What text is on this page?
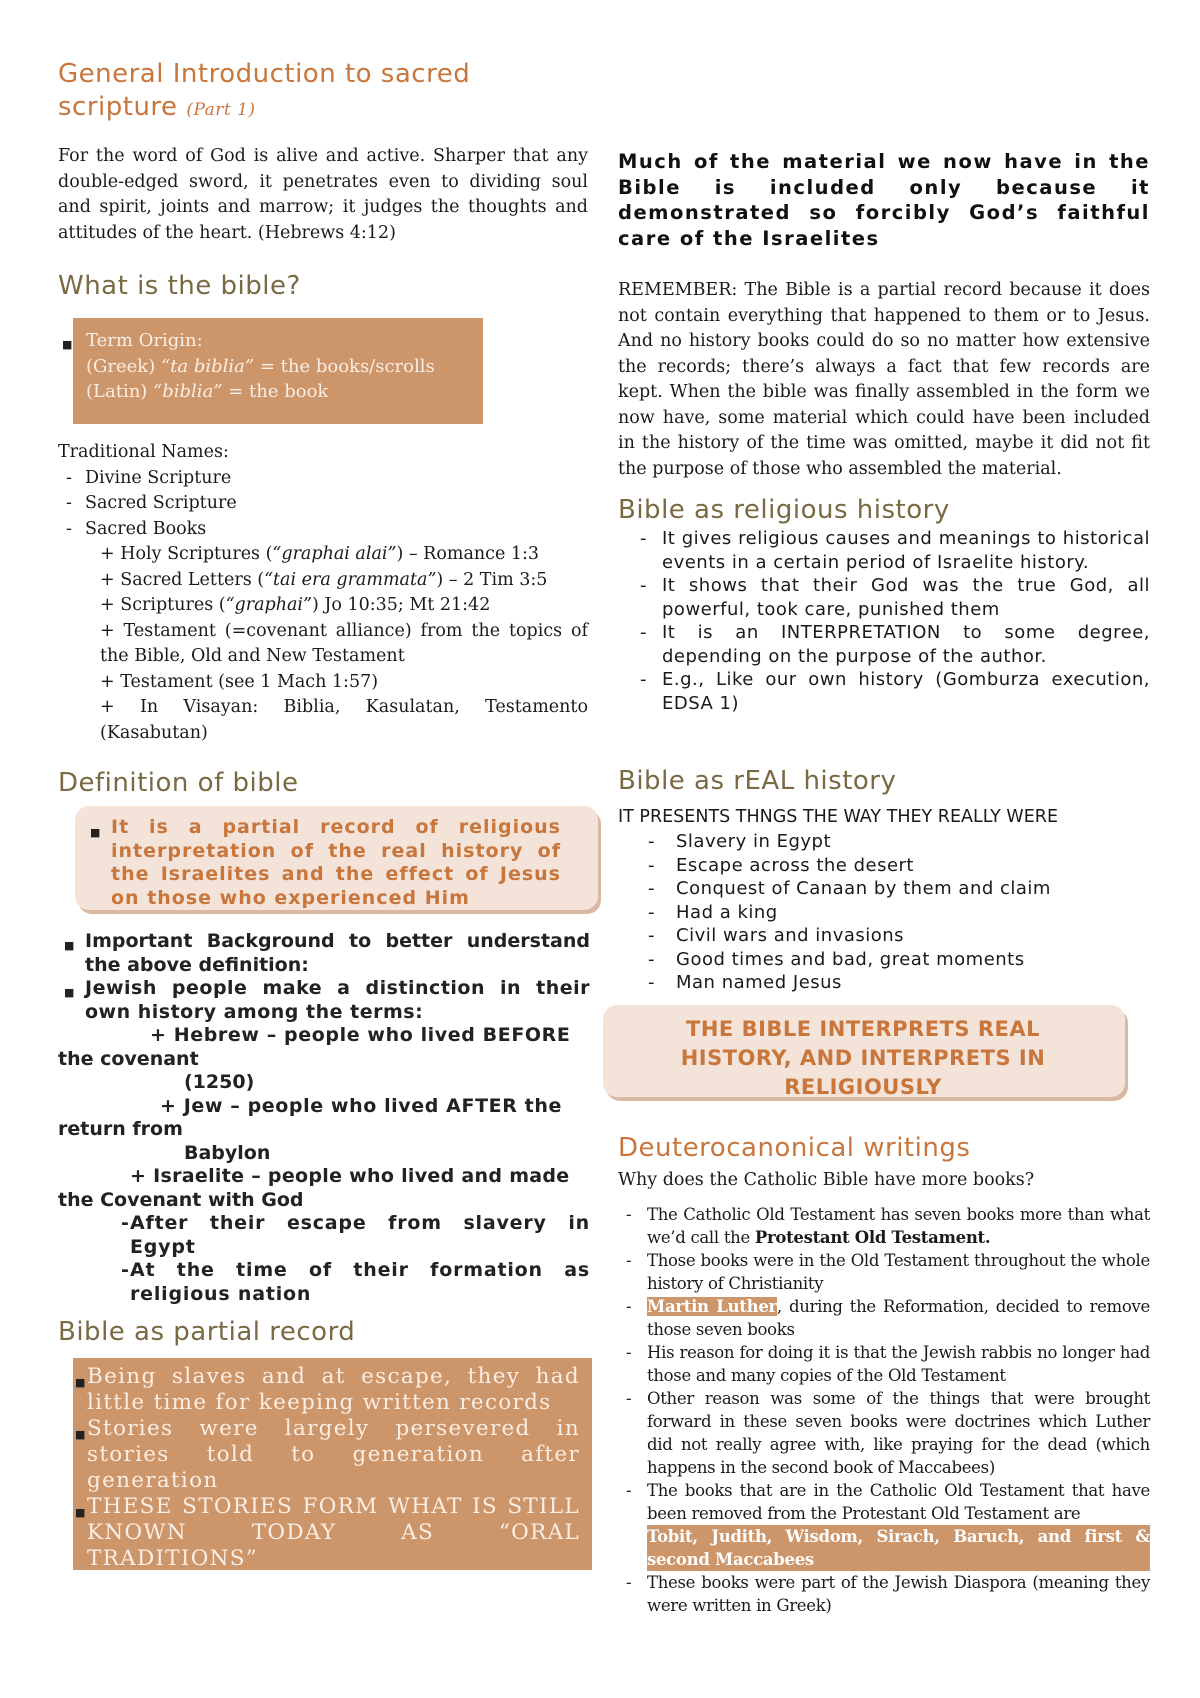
General Introduction to sacred
scripture (Part 1)
For the word of God is alive and active. Sharper that any double-edged sword, it penetrates even to dividing soul and spirit, joints and marrow; it judges the thoughts and attitudes of the heart. (Hebrews 4:12)
What is the bible?
■ Term Origin:
(Greek) “ta biblia” = the books/scrolls
(Latin) “biblia” = the book
Traditional Names:
- Divine Scripture
- Sacred Scripture
- Sacred Books
+ Holy Scriptures (“graphai alai”) – Romance 1:3
+ Sacred Letters (“tai era grammata”) – 2 Tim 3:5
+ Scriptures (“graphai”) Jo 10:35; Mt 21:42
+ Testament (=covenant alliance) from the topics of the Bible, Old and New Testament
+ Testament (see 1 Mach 1:57)
+ In Visayan: Biblia, Kasulatan, Testamento (Kasabutan)
Definition of bible
■ It is a partial record of religious interpretation of the real history of the Israelites and the effect of Jesus on those who experienced Him
■ Important Background to better understand the above definition:
■ Jewish people make a distinction in their own history among the terms:
+ Hebrew – people who lived BEFORE
the covenant
(1250)
+ Jew – people who lived AFTER the
return from
Babylon
+ Israelite – people who lived and made
the Covenant with God
- After their escape from slavery in Egypt
- At the time of their formation as religious nation
Bible as partial record
■ Being slaves and at escape, they had little time for keeping written records
■ Stories were largely persevered in stories told to generation after generation
■ THESE STORIES FORM WHAT IS STILL KNOWN TODAY AS “ORAL TRADITIONS”
Much of the material we now have in the Bible is included only because it demonstrated so forcibly God’s faithful care of the Israelites
REMEMBER: The Bible is a partial record because it does not contain everything that happened to them or to Jesus. And no history books could do so no matter how extensive the records; there’s always a fact that few records are kept. When the bible was finally assembled in the form we now have, some material which could have been included in the history of the time was omitted, maybe it did not fit the purpose of those who assembled the material.
Bible as religious history
- It gives religious causes and meanings to historical events in a certain period of Israelite history.
- It shows that their God was the true God, all powerful, took care, punished them
- It is an INTERPRETATION to some degree, depending on the purpose of the author.
- E.g., Like our own history (Gomburza execution, EDSA 1)
Bible as rEAL history
IT PRESENTS THNGS THE WAY THEY REALLY WERE
- Slavery in Egypt
- Escape across the desert
- Conquest of Canaan by them and claim
- Had a king
- Civil wars and invasions
- Good times and bad, great moments
- Man named Jesus
THE BIBLE INTERPRETS REAL HISTORY, AND INTERPRETS IN RELIGIOUSLY
Deuterocanonical writings
Why does the Catholic Bible have more books?
- The Catholic Old Testament has seven books more than what we’d call the Protestant Old Testament.
- Those books were in the Old Testament throughout the whole history of Christianity
- Martin Luther, during the Reformation, decided to remove those seven books
- His reason for doing it is that the Jewish rabbis no longer had those and many copies of the Old Testament
- Other reason was some of the things that were brought forward in these seven books were doctrines which Luther did not really agree with, like praying for the dead (which happens in the second book of Maccabees)
- The books that are in the Catholic Old Testament that have been removed from the Protestant Old Testament are
Tobit, Judith, Wisdom, Sirach, Baruch, and first & second Maccabees
- These books were part of the Jewish Diaspora (meaning they were written in Greek)
